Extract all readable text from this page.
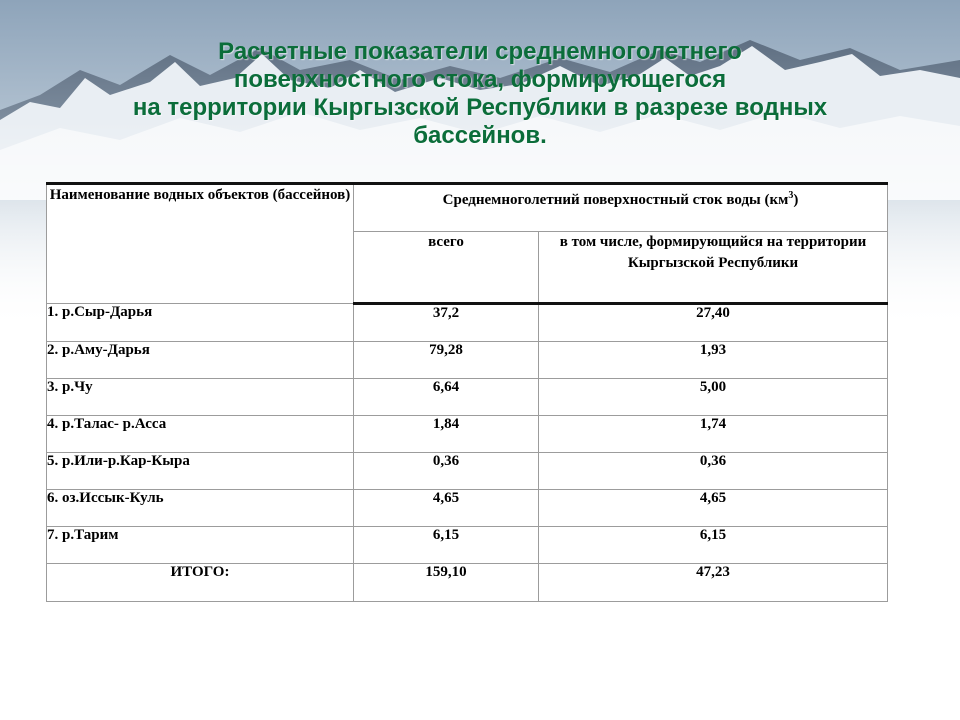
Расчетные показатели среднемноголетнего
поверхностного стока, формирующегося
на территории Кыргызской Республики в разрезе водных
бассейнов.
Наименование водных объектов (бассейнов)	Среднемноголетний поверхностный сток воды $(км^3)$	
	всего	в том числе, формирующийся на территории Кыргызской Республики
1. р.Сыр-Дарья	37,2	27,40
2. р.Аму-Дарья	79,28	1,93
3. р.Чу	6,64	5,00
4. р.Талас- р.Асса	1,84	1,74
5. р.Или-р.Кар-Кыра	0,36	0,36
6. оз.Иссык-Куль	4,65	4,65
7. р.Тарим	6,15	6,15
ИТОГО:	159,10	47,23
